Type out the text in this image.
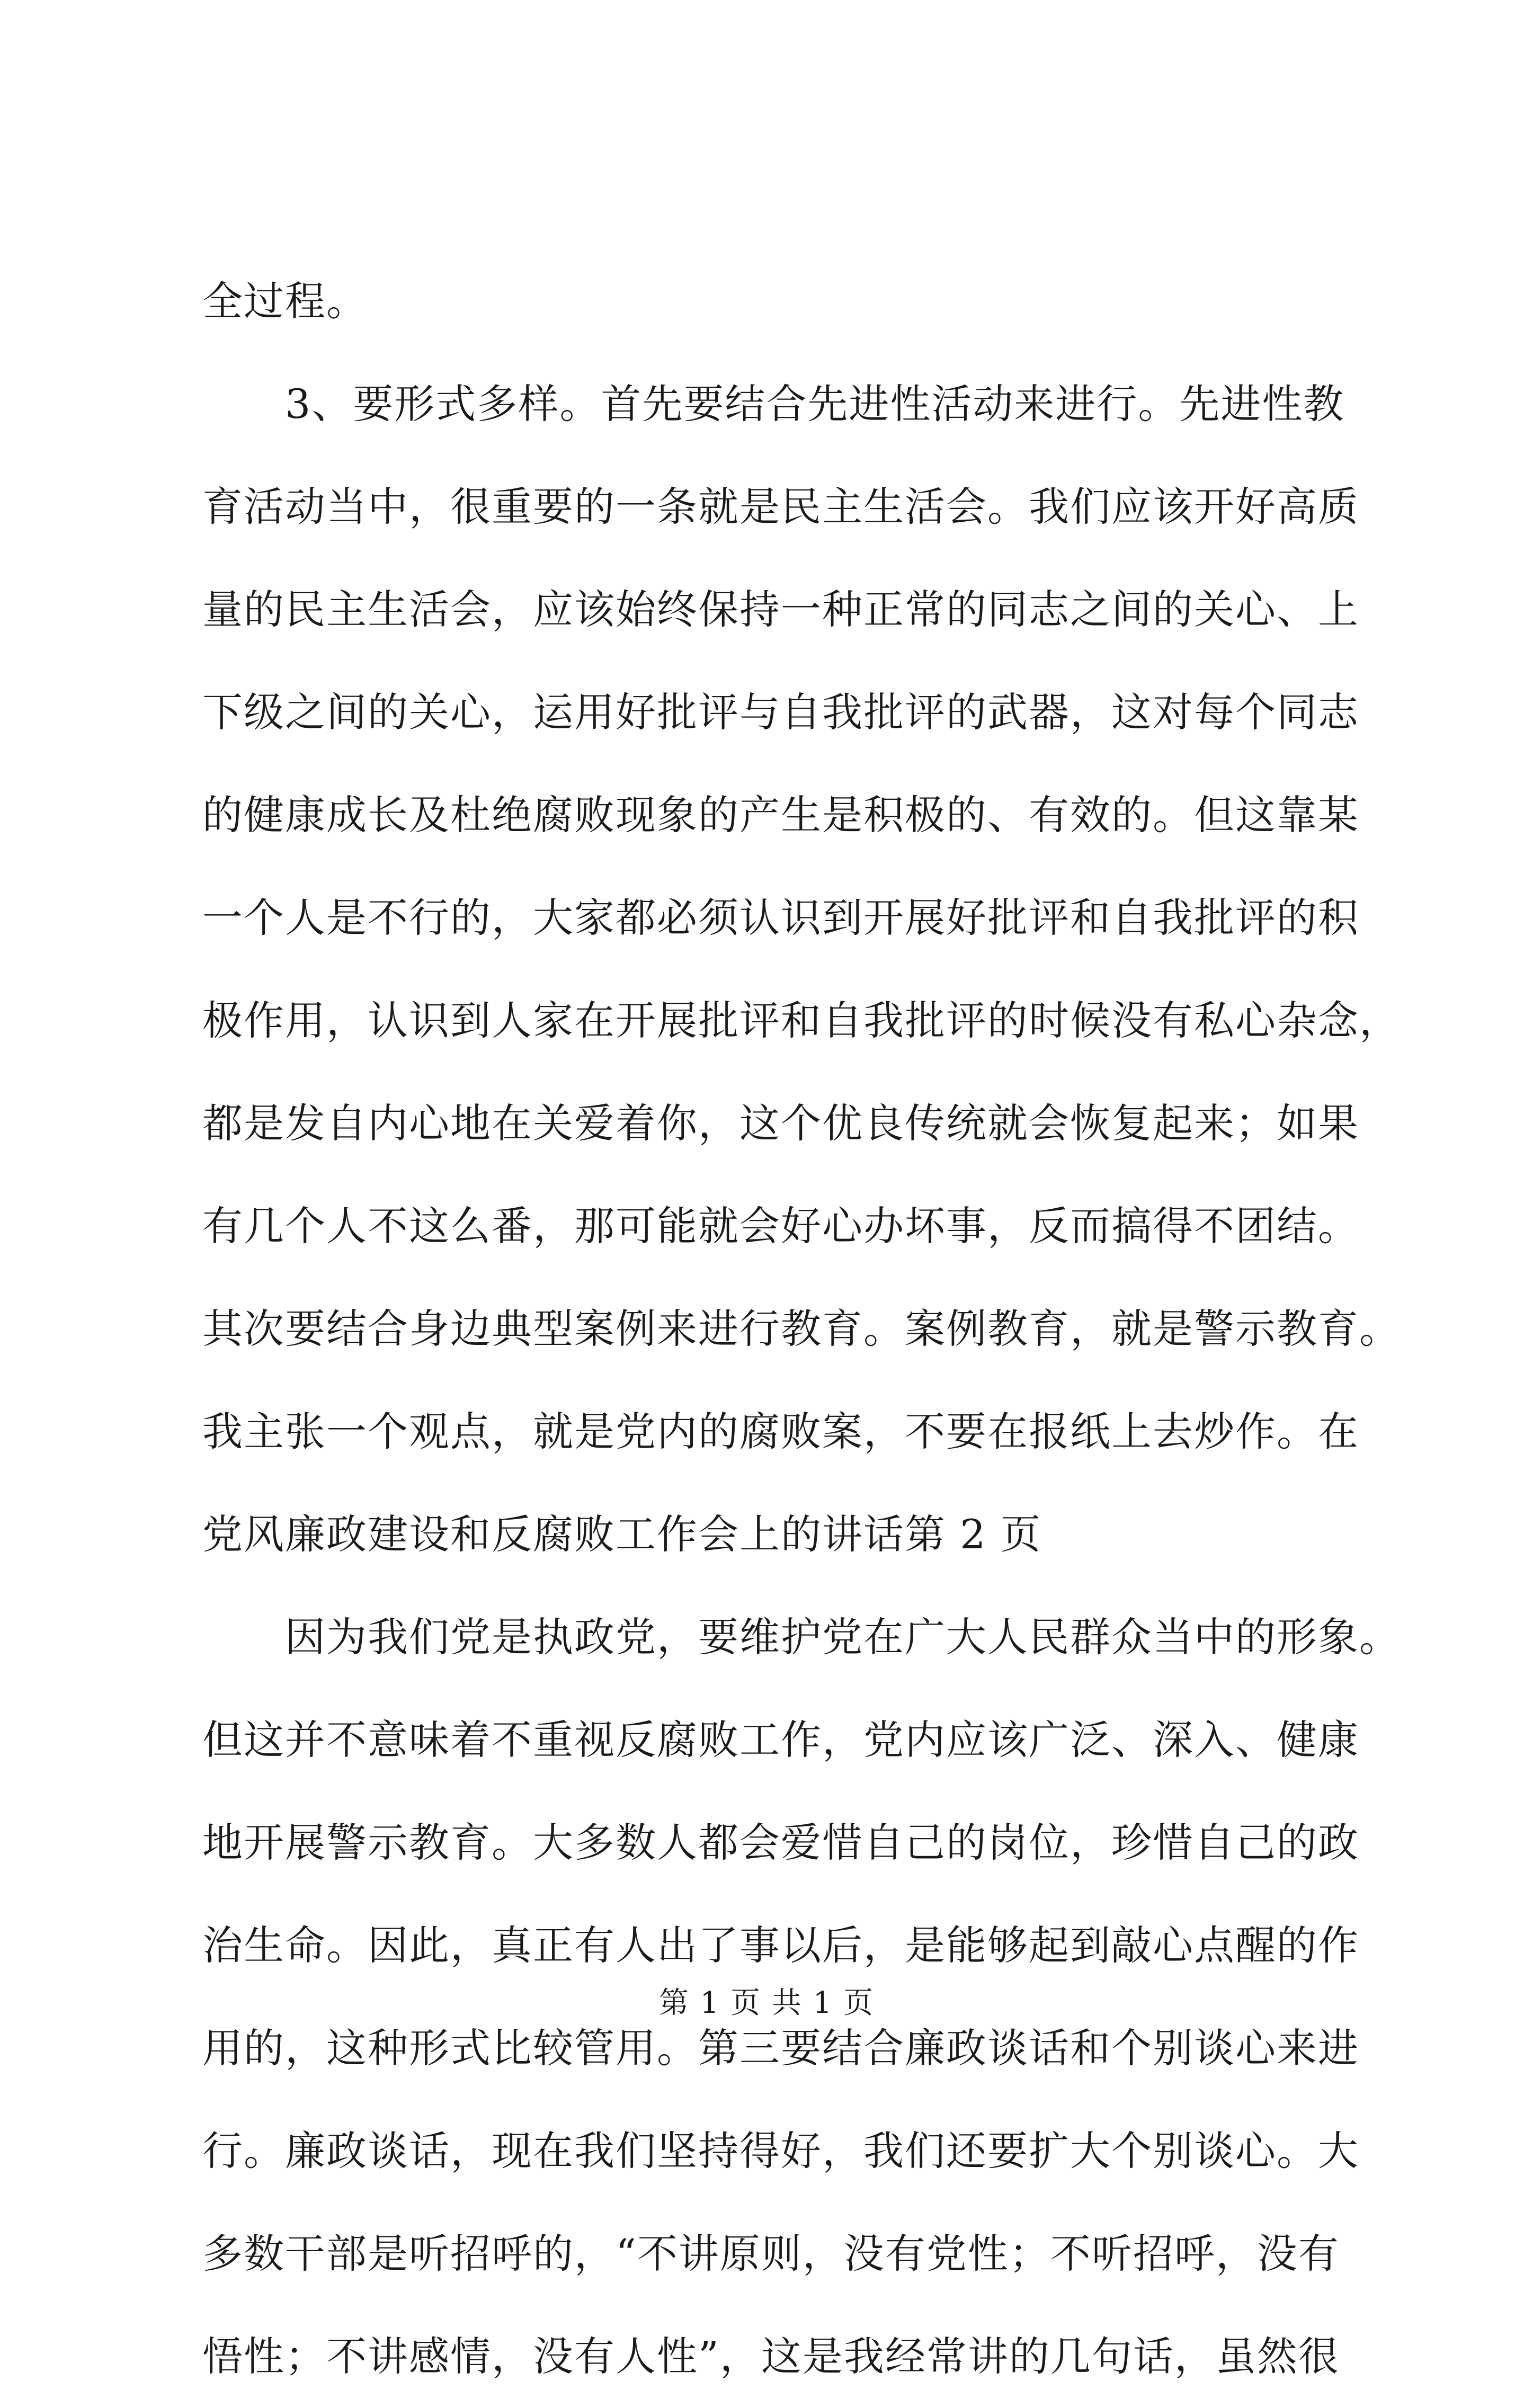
全过程。
　　3、要形式多样。首先要结合先进性活动来进行。先进性教
育活动当中，很重要的一条就是民主生活会。我们应该开好高质
量的民主生活会，应该始终保持一种正常的同志之间的关心、上
下级之间的关心，运用好批评与自我批评的武器，这对每个同志
的健康成长及杜绝腐败现象的产生是积极的、有效的。但这靠某
一个人是不行的，大家都必须认识到开展好批评和自我批评的积
极作用，认识到人家在开展批评和自我批评的时候没有私心杂念，
都是发自内心地在关爱着你，这个优良传统就会恢复起来；如果
有几个人不这么番，那可能就会好心办坏事，反而搞得不团结。
其次要结合身边典型案例来进行教育。案例教育，就是警示教育。
我主张一个观点，就是党内的腐败案，不要在报纸上去炒作。在
党风廉政建设和反腐败工作会上的讲话第 2 页
　　因为我们党是执政党，要维护党在广大人民群众当中的形象。
但这并不意味着不重视反腐败工作，党内应该广泛、深入、健康
地开展警示教育。大多数人都会爱惜自己的岗位，珍惜自己的政
治生命。因此，真正有人出了事以后，是能够起到敲心点醒的作
用的，这种形式比较管用。第三要结合廉政谈话和个别谈心来进
行。廉政谈话，现在我们坚持得好，我们还要扩大个别谈心。大
多数干部是听招呼的，“不讲原则，没有党性；不听招呼，没有
悟性；不讲感情，没有人性”，这是我经常讲的几句话，虽然很
第 1 页 共 1 页
